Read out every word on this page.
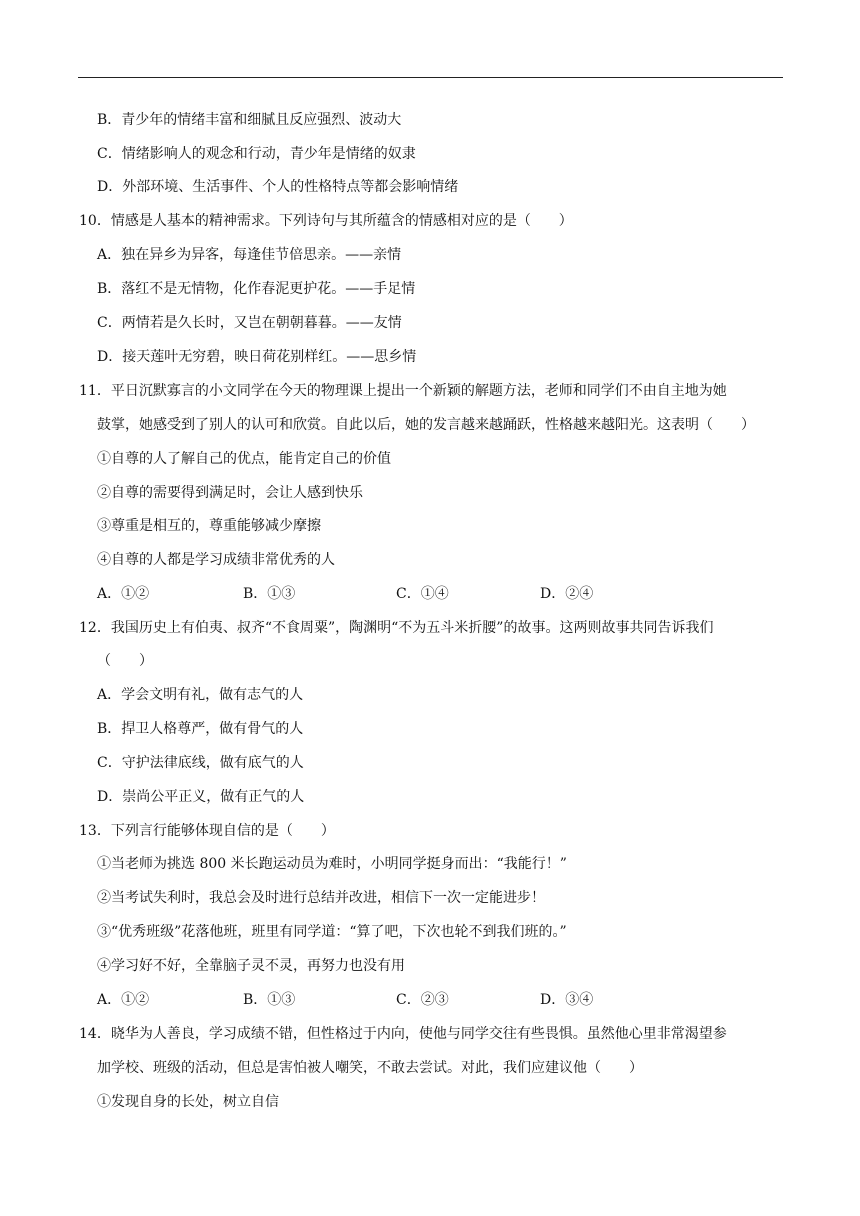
B．青少年的情绪丰富和细腻且反应强烈、波动大
C．情绪影响人的观念和行动，青少年是情绪的奴隶
D．外部环境、生活事件、个人的性格特点等都会影响情绪
10．情感是人基本的精神需求。下列诗句与其所蕴含的情感相对应的是（　　）
A．独在异乡为异客，每逢佳节倍思亲。——亲情
B．落红不是无情物，化作春泥更护花。——手足情
C．两情若是久长时，又岂在朝朝暮暮。——友情
D．接天莲叶无穷碧，映日荷花别样红。——思乡情
11．平日沉默寡言的小文同学在今天的物理课上提出一个新颖的解题方法，老师和同学们不由自主地为她
鼓掌，她感受到了别人的认可和欣赏。自此以后，她的发言越来越踊跃，性格越来越阳光。这表明（　　）
①自尊的人了解自己的优点，能肯定自己的价值
②自尊的需要得到满足时，会让人感到快乐
③尊重是相互的，尊重能够减少摩擦
④自尊的人都是学习成绩非常优秀的人
A．①②	B．①③	C．①④	D．②④
12．我国历史上有伯夷、叔齐“不食周粟”，陶渊明“不为五斗米折腰”的故事。这两则故事共同告诉我们
（　　）
A．学会文明有礼，做有志气的人
B．捍卫人格尊严，做有骨气的人
C．守护法律底线，做有底气的人
D．崇尚公平正义，做有正气的人
13．下列言行能够体现自信的是（　　）
①当老师为挑选 800 米长跑运动员为难时，小明同学挺身而出：“我能行！”
②当考试失利时，我总会及时进行总结并改进，相信下一次一定能进步！
③“优秀班级”花落他班，班里有同学道：“算了吧，下次也轮不到我们班的。”
④学习好不好，全靠脑子灵不灵，再努力也没有用
A．①②	B．①③	C．②③	D．③④
14．晓华为人善良，学习成绩不错，但性格过于内向，使他与同学交往有些畏惧。虽然他心里非常渴望参
加学校、班级的活动，但总是害怕被人嘲笑，不敢去尝试。对此，我们应建议他（　　）
①发现自身的长处，树立自信
